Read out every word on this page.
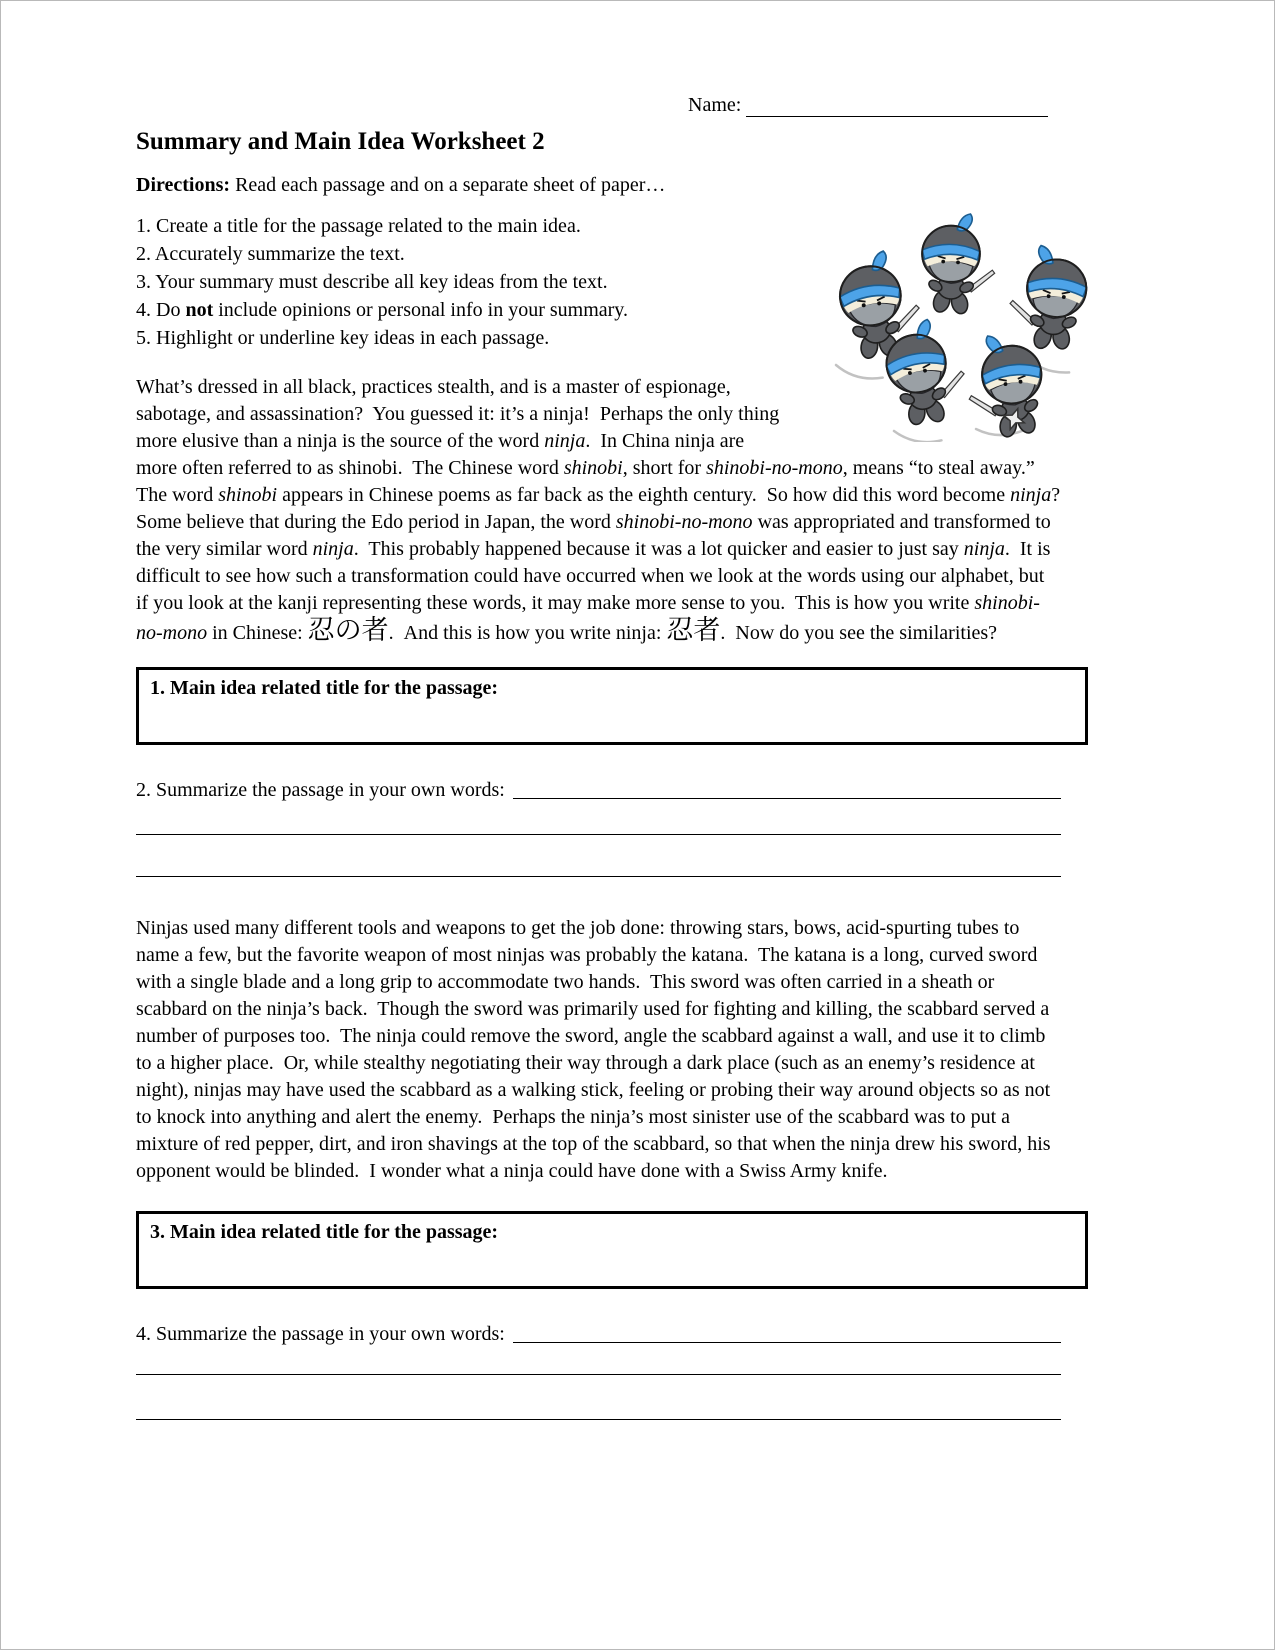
Name:
Summary and Main Idea Worksheet 2

Directions: Read each passage and on a separate sheet of paper…

1. Create a title for the passage related to the main idea.
2. Accurately summarize the text.
3. Your summary must describe all key ideas from the text.
4. Do not include opinions or personal info in your summary.
5. Highlight or underline key ideas in each passage.

What’s dressed in all black, practices stealth, and is a master of espionage, sabotage, and assassination?  You guessed it: it’s a ninja!  Perhaps the only thing more elusive than a ninja is the source of the word ninja.  In China ninja are more often referred to as shinobi.  The Chinese word shinobi, short for shinobi-no-mono, means “to steal away.”  The word shinobi appears in Chinese poems as far back as the eighth century.  So how did this word become ninja?  Some believe that during the Edo period in Japan, the word shinobi-no-mono was appropriated and transformed to the very similar word ninja.  This probably happened because it was a lot quicker and easier to just say ninja.  It is difficult to see how such a transformation could have occurred when we look at the words using our alphabet, but if you look at the kanji representing these words, it may make more sense to you.  This is how you write shinobi-no-mono in Chinese: 忍の者.  And this is how you write ninja: 忍者.  Now do you see the similarities?

1. Main idea related title for the passage:
2. Summarize the passage in your own words:

Ninjas used many different tools and weapons to get the job done: throwing stars, bows, acid-spurting tubes to name a few, but the favorite weapon of most ninjas was probably the katana.  The katana is a long, curved sword with a single blade and a long grip to accommodate two hands.  This sword was often carried in a sheath or scabbard on the ninja’s back.  Though the sword was primarily used for fighting and killing, the scabbard served a number of purposes too.  The ninja could remove the sword, angle the scabbard against a wall, and use it to climb to a higher place.  Or, while stealthy negotiating their way through a dark place (such as an enemy’s residence at night), ninjas may have used the scabbard as a walking stick, feeling or probing their way around objects so as not to knock into anything and alert the enemy.  Perhaps the ninja’s most sinister use of the scabbard was to put a mixture of red pepper, dirt, and iron shavings at the top of the scabbard, so that when the ninja drew his sword, his opponent would be blinded.  I wonder what a ninja could have done with a Swiss Army knife.

3. Main idea related title for the passage:
4. Summarize the passage in your own words:
